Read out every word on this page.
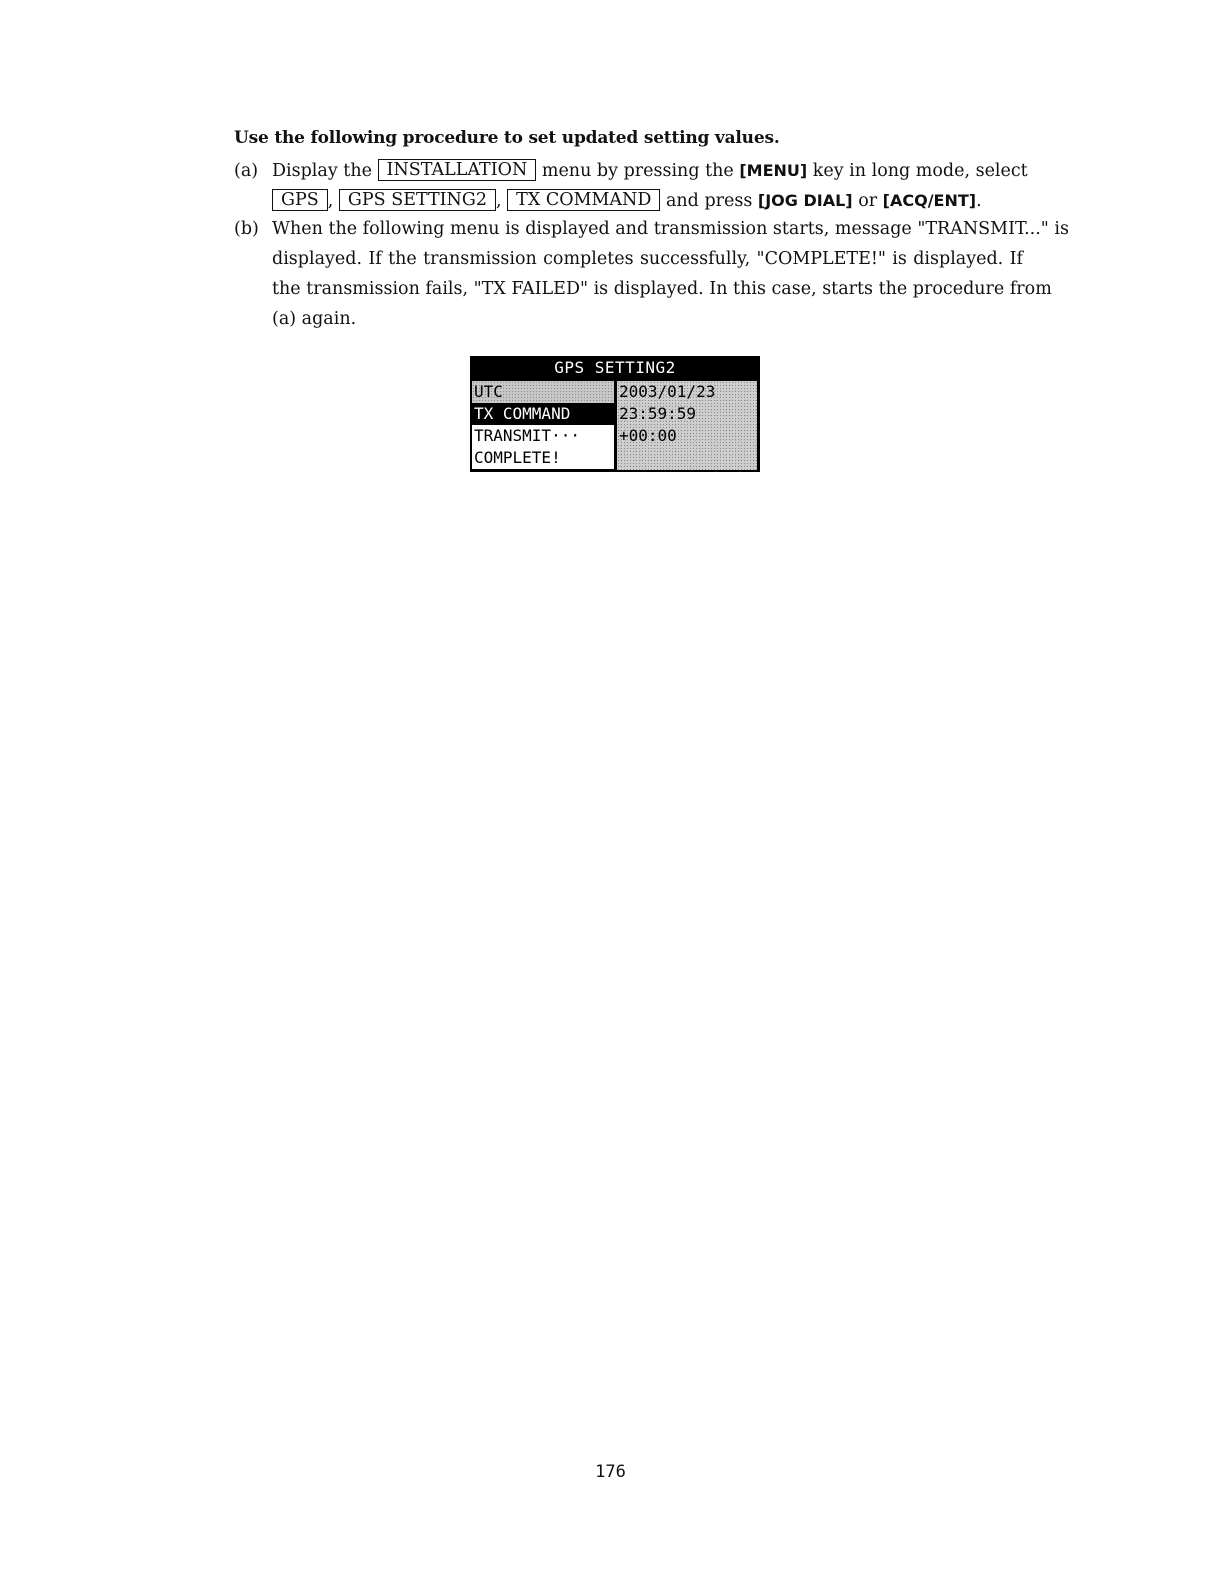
Use the following procedure to set updated setting values.
(a) Display the INSTALLATION menu by pressing the [MENU] key in long mode, select
GPS , GPS SETTING2 , TX COMMAND and press [JOG DIAL] or [ACQ/ENT].
(b) When the following menu is displayed and transmission starts, message "TRANSMIT..." is
displayed. If the transmission completes successfully, "COMPLETE!" is displayed. If
the transmission fails, "TX FAILED" is displayed. In this case, starts the procedure from
(a) again.
GPS SETTING2
UTC
TX COMMAND
TRANSMIT···
COMPLETE!
2003/01/23
23:59:59
+00:00
176
